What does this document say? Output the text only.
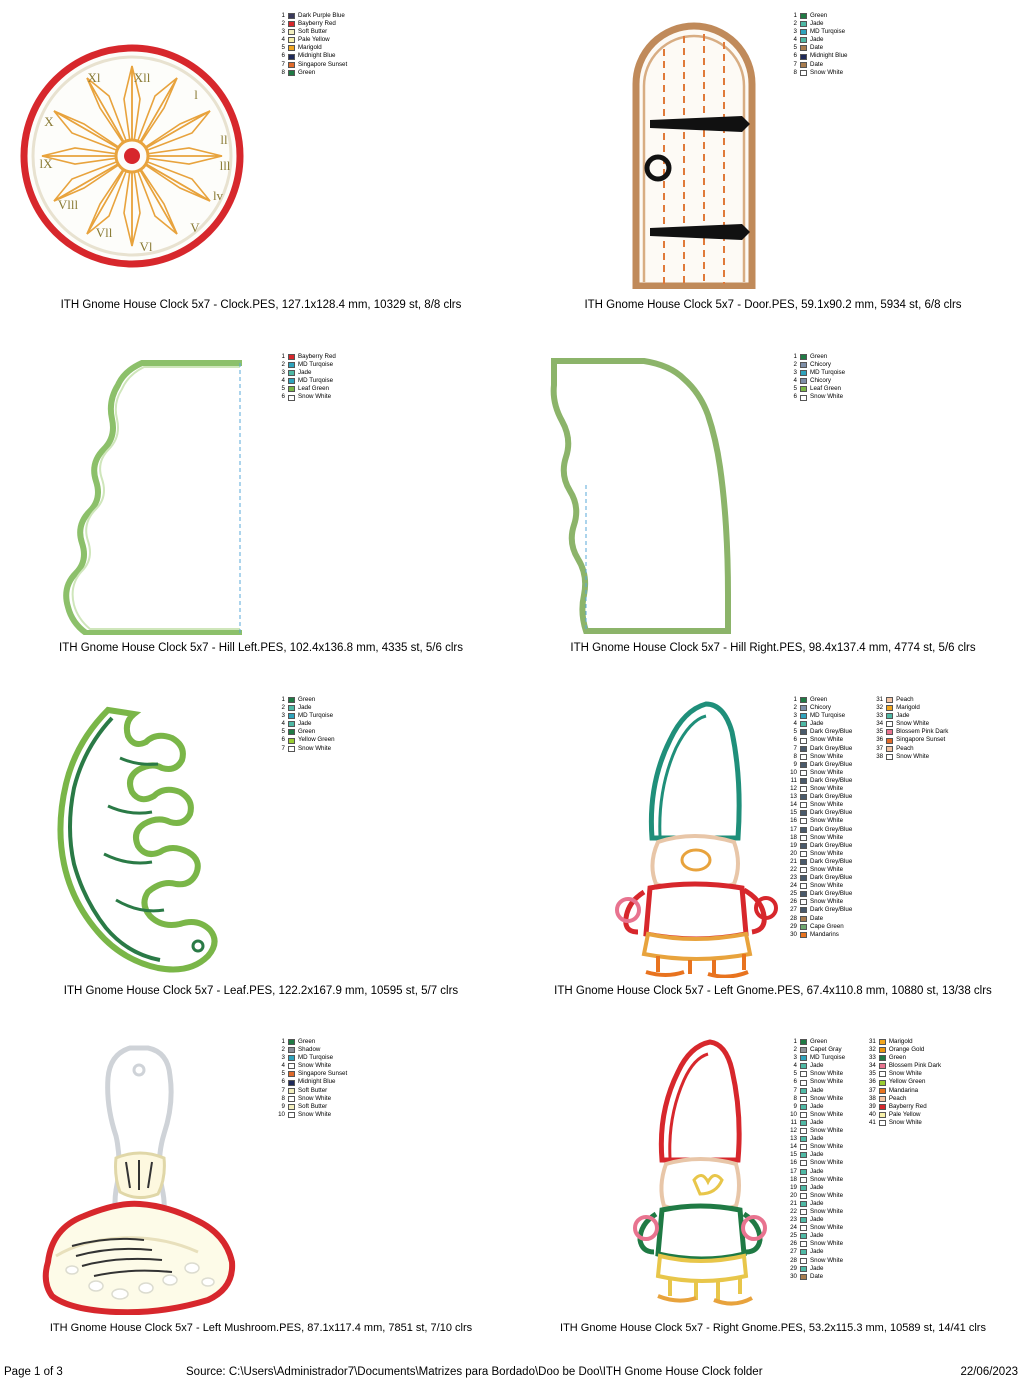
Xll
l
ll
lll
lv
V
Vl
Vll
Vlll
lX
X
Xl
1 Dark Purple Blue
2 Bayberry Red
3 Soft Butter
4 Pale Yellow
5 Marigold
6 Midnight Blue
7 Singapore Sunset
8 Green
ITH Gnome House Clock 5x7 - Clock.PES, 127.1x128.4 mm, 10329 st, 8/8 clrs
1 Green
2 Jade
3 MD Turqoise
4 Jade
5 Date
6 Midnight Blue
7 Date
8 Snow White
ITH Gnome House Clock 5x7 - Door.PES, 59.1x90.2 mm, 5934 st, 6/8 clrs
1 Bayberry Red
2 MD Turqoise
3 Jade
4 MD Turqoise
5 Leaf Green
6 Snow White
ITH Gnome House Clock 5x7 - Hill Left.PES, 102.4x136.8 mm, 4335 st, 5/6 clrs
1 Green
2 Chicory
3 MD Turqoise
4 Chicory
5 Leaf Green
6 Snow White
ITH Gnome House Clock 5x7 - Hill Right.PES, 98.4x137.4 mm, 4774 st, 5/6 clrs
1 Green
2 Jade
3 MD Turqoise
4 Jade
5 Green
6 Yellow Green
7 Snow White
ITH Gnome House Clock 5x7 - Leaf.PES, 122.2x167.9 mm, 10595 st, 5/7 clrs
1 Green
2 Chicory
3 MD Turqoise
4 Jade
5 Dark Grey/Blue
6 Snow White
7 Dark Grey/Blue
8 Snow White
9 Dark Grey/Blue
10 Snow White
11 Dark Grey/Blue
12 Snow White
13 Dark Grey/Blue
14 Snow White
15 Dark Grey/Blue
16 Snow White
17 Dark Grey/Blue
18 Snow White
19 Dark Grey/Blue
20 Snow White
21 Dark Grey/Blue
22 Snow White
23 Dark Grey/Blue
24 Snow White
25 Dark Grey/Blue
26 Snow White
27 Dark Grey/Blue
28 Date
29 Cape Green
30 Mandarins

31 Peach
32 Marigold
33 Jade
34 Snow White
35 Blossem Pink Dark
36 Singapore Sunset
37 Peach
38 Snow White
ITH Gnome House Clock 5x7 - Left Gnome.PES, 67.4x110.8 mm, 10880 st, 13/38 clrs
1 Green
2 Shadow
3 MD Turqoise
4 Snow White
5 Singapore Sunset
6 Midnight Blue
7 Soft Butter
8 Snow White
9 Soft Butter
10 Snow White
ITH Gnome House Clock 5x7 - Left Mushroom.PES, 87.1x117.4 mm, 7851 st, 7/10 clrs
1 Green
2 Capet Gray
3 MD Turqoise
4 Jade
5 Snow White
6 Snow White
7 Jade
8 Snow White
9 Jade
10 Snow White
11 Jade
12 Snow White
13 Jade
14 Snow White
15 Jade
16 Snow White
17 Jade
18 Snow White
19 Jade
20 Snow White
21 Jade
22 Snow White
23 Jade
24 Snow White
25 Jade
26 Snow White
27 Jade
28 Snow White
29 Jade
30 Date

31 Marigold
32 Orange Gold
33 Green
34 Blossem Pink Dark
35 Snow White
36 Yellow Green
37 Mandarina
38 Peach
39 Bayberry Red
40 Pale Yellow
41 Snow White
ITH Gnome House Clock 5x7 - Right Gnome.PES, 53.2x115.3 mm, 10589 st, 14/41 clrs
Page 1 of 3	Source: C:\Users\Administrador7\Documents\Matrizes para Bordado\Doo be Doo\ITH Gnome House Clock folder	22/06/2023
